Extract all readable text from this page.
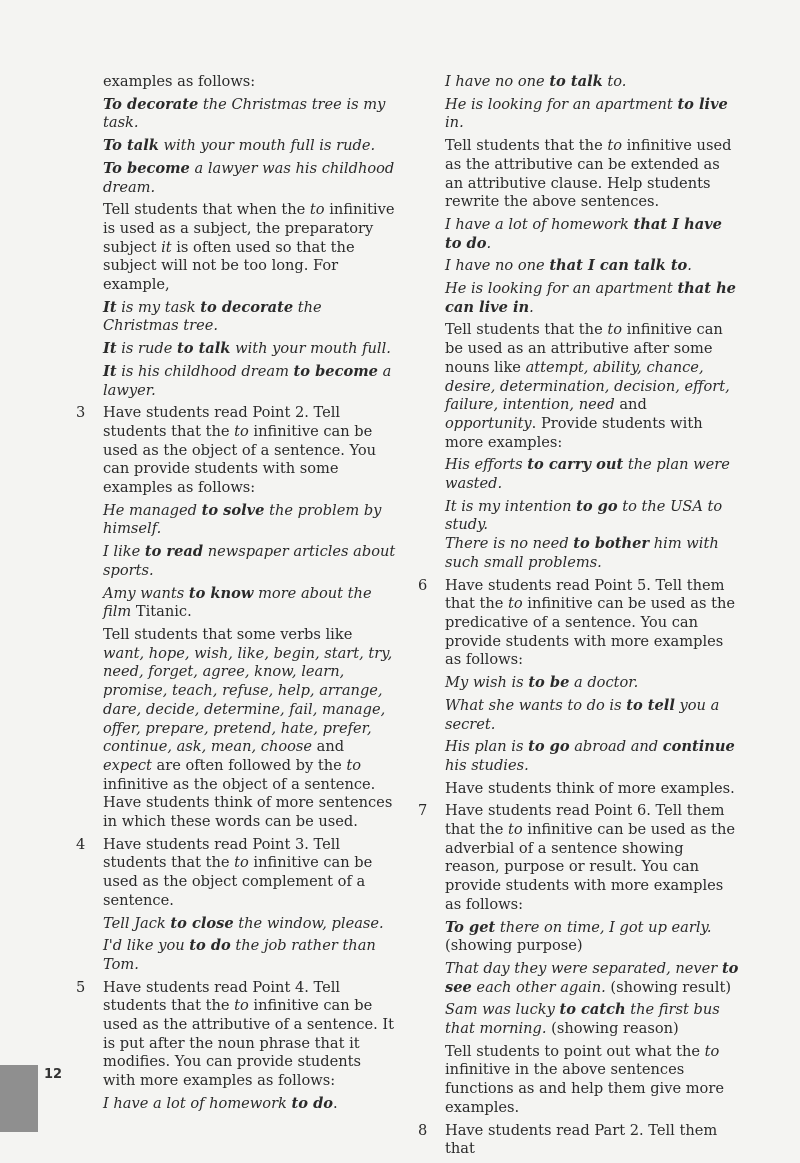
examples as follows:

To decorate the Christmas tree is my task.

To talk with your mouth full is rude.

To become a lawyer was his childhood dream.

Tell students that when the to infinitive is used as a subject, the preparatory subject it is often used so that the subject will not be too long. For example,

It is my task to decorate the Christmas tree.

It is rude to talk with your mouth full.

It is his childhood dream to become a lawyer.

3 Have students read Point 2. Tell students that the to infinitive can be used as the object of a sentence. You can provide students with some examples as follows:

He managed to solve the problem by himself.

I like to read newspaper articles about sports.

Amy wants to know more about the film Titanic.

Tell students that some verbs like want, hope, wish, like, begin, start, try, need, forget, agree, know, learn, promise, teach, refuse, help, arrange, dare, decide, determine, fail, manage, offer, prepare, pretend, hate, prefer, continue, ask, mean, choose and expect are often followed by the to infinitive as the object of a sentence. Have students think of more sentences in which these words can be used.

4 Have students read Point 3. Tell students that the to infinitive can be used as the object complement of a sentence.

Tell Jack to close the window, please.

I'd like you to do the job rather than Tom.

5 Have students read Point 4. Tell students that the to infinitive can be used as the attributive of a sentence. It is put after the noun phrase that it modifies. You can provide students with more examples as follows:

I have a lot of homework to do.

I have no one to talk to.

He is looking for an apartment to live in.

Tell students that the to infinitive used as the attributive can be extended as an attributive clause. Help students rewrite the above sentences.

I have a lot of homework that I have to do.

I have no one that I can talk to.

He is looking for an apartment that he can live in.

Tell students that the to infinitive can be used as an attributive after some nouns like attempt, ability, chance, desire, determination, decision, effort, failure, intention, need and opportunity. Provide students with more examples:

His efforts to carry out the plan were wasted.

It is my intention to go to the USA to study.

There is no need to bother him with such small problems.

6 Have students read Point 5. Tell them that the to infinitive can be used as the predicative of a sentence. You can provide students with more examples as follows:

My wish is to be a doctor.

What she wants to do is to tell you a secret.

His plan is to go abroad and continue his studies.

Have students think of more examples.

7 Have students read Point 6. Tell them that the to infinitive can be used as the adverbial of a sentence showing reason, purpose or result. You can provide students with more examples as follows:

To get there on time, I got up early.
(showing purpose)

That day they were separated, never to see each other again. (showing result)

Sam was lucky to catch the first bus that morning. (showing reason)

Tell students to point out what the to infinitive in the above sentences functions as and help them give more examples.

8 Have students read Part 2. Tell them that

12
